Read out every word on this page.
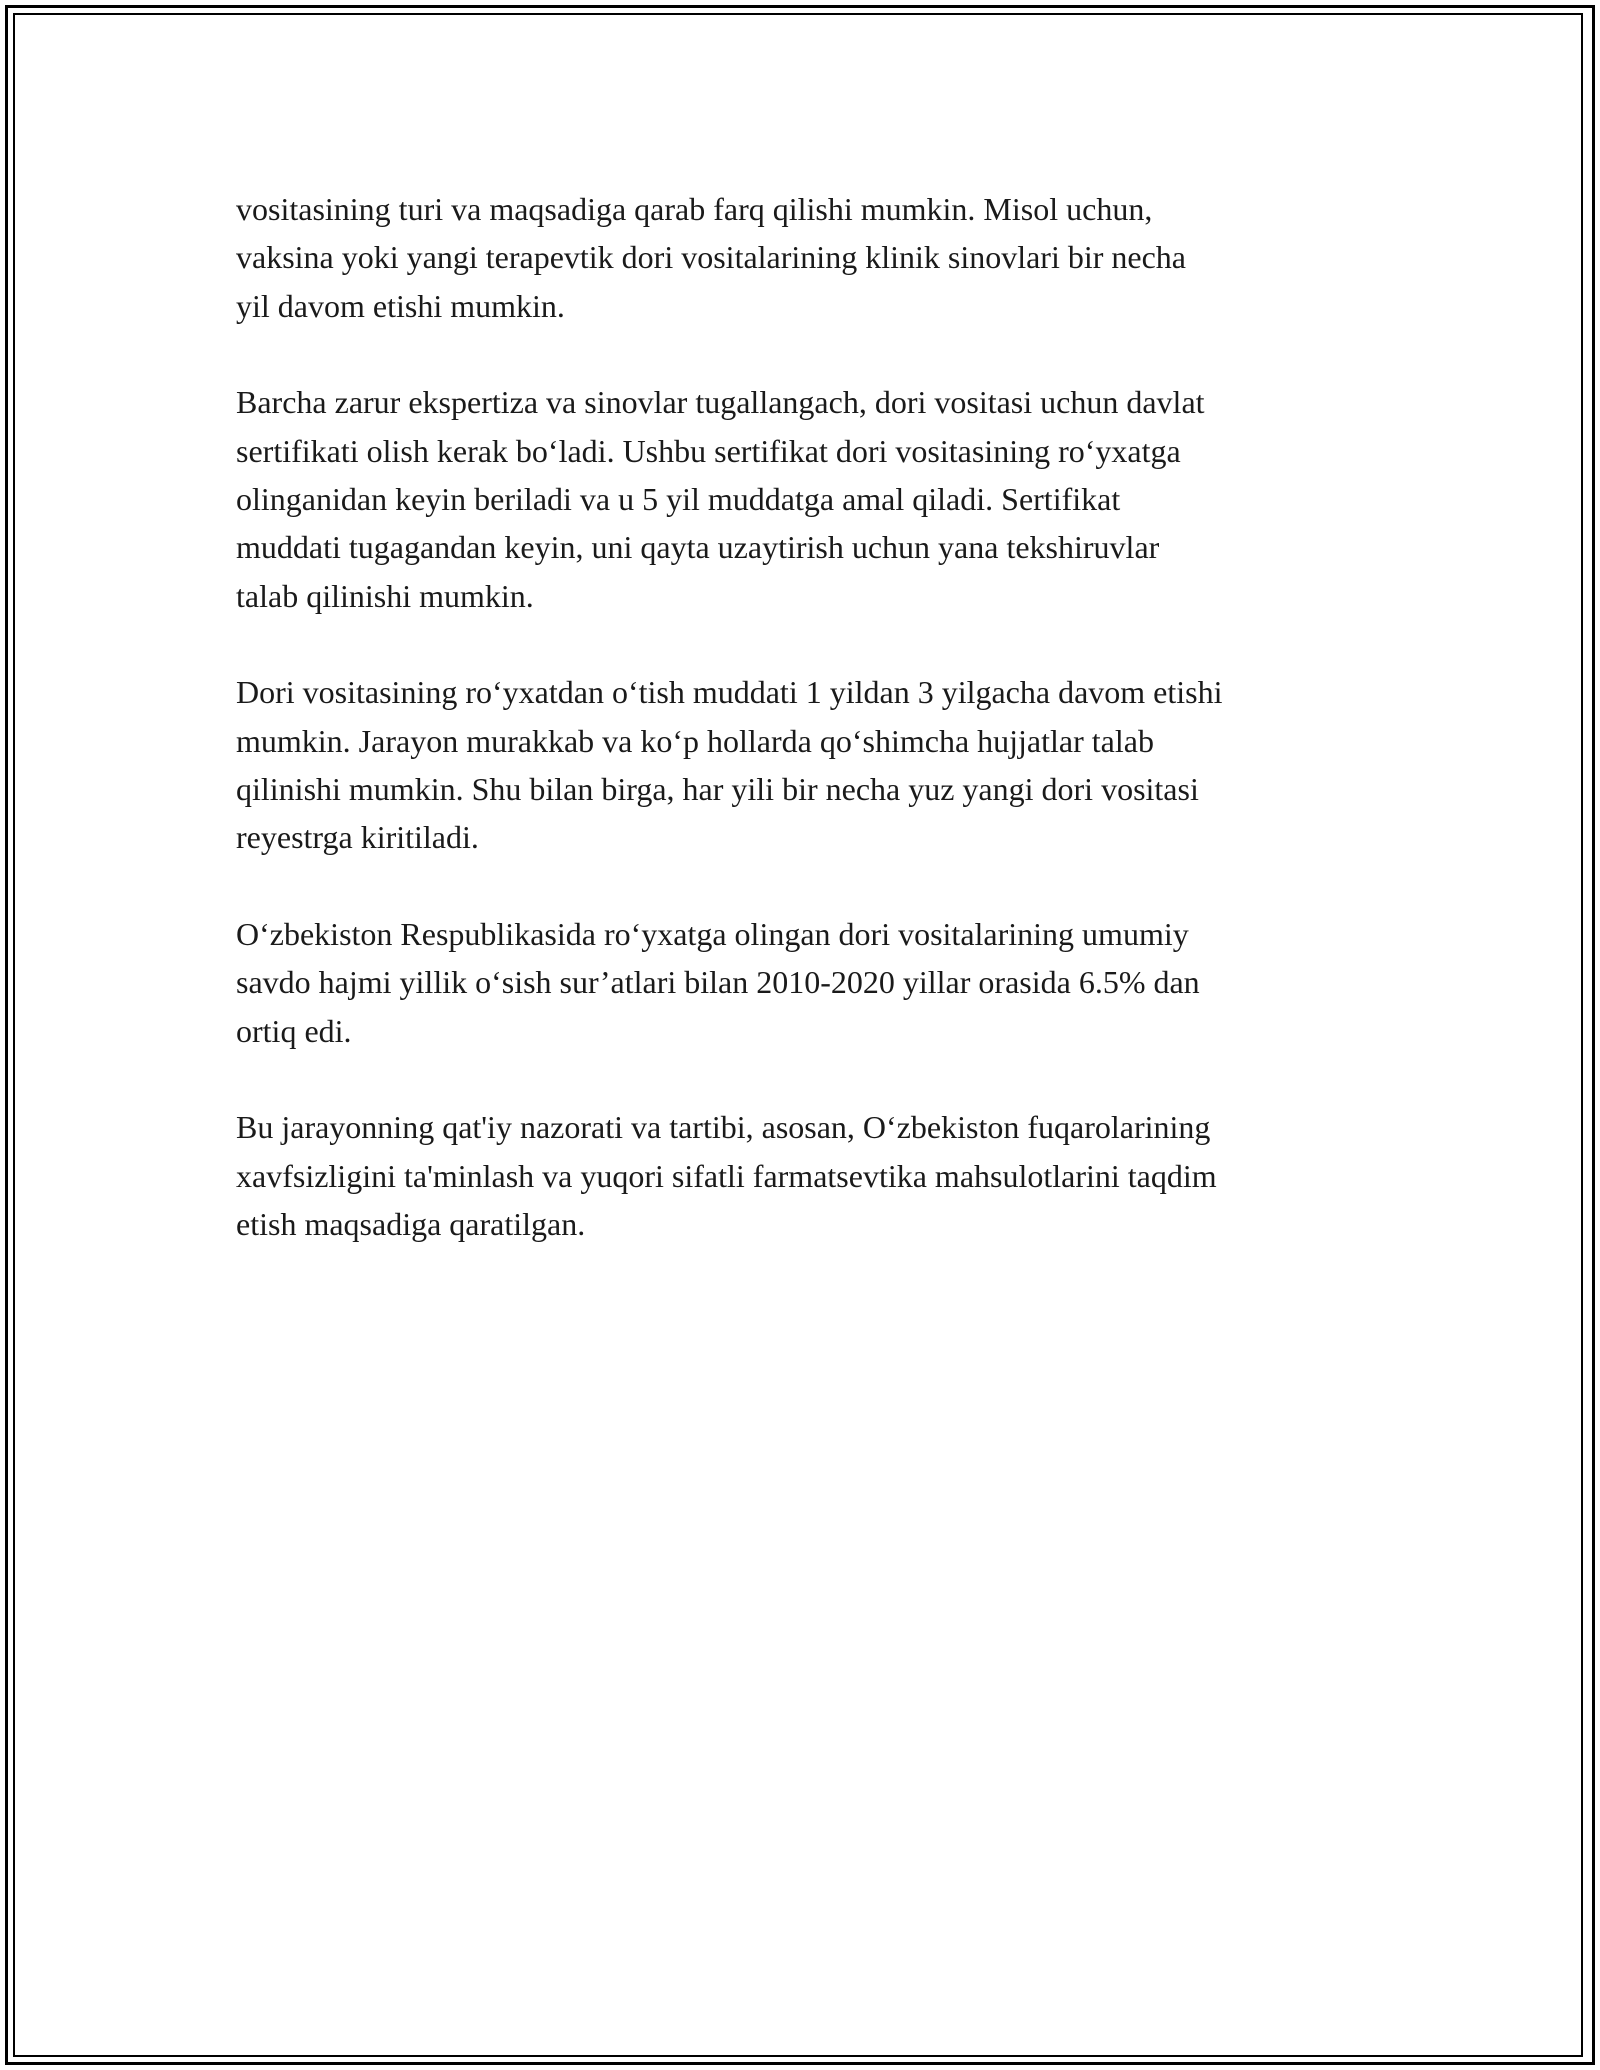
vositasining turi va maqsadiga qarab farq qilishi mumkin. Misol uchun,
vaksina yoki yangi terapevtik dori vositalarining klinik sinovlari bir necha
yil davom etishi mumkin.

Barcha zarur ekspertiza va sinovlar tugallangach, dori vositasi uchun davlat
sertifikati olish kerak bo‘ladi. Ushbu sertifikat dori vositasining ro‘yxatga
olinganidan keyin beriladi va u 5 yil muddatga amal qiladi. Sertifikat
muddati tugagandan keyin, uni qayta uzaytirish uchun yana tekshiruvlar
talab qilinishi mumkin.

Dori vositasining ro‘yxatdan o‘tish muddati 1 yildan 3 yilgacha davom etishi
mumkin. Jarayon murakkab va ko‘p hollarda qo‘shimcha hujjatlar talab
qilinishi mumkin. Shu bilan birga, har yili bir necha yuz yangi dori vositasi
reyestrga kiritiladi.

O‘zbekiston Respublikasida ro‘yxatga olingan dori vositalarining umumiy
savdo hajmi yillik o‘sish sur’atlari bilan 2010-2020 yillar orasida 6.5% dan
ortiq edi.

Bu jarayonning qat'iy nazorati va tartibi, asosan, O‘zbekiston fuqarolarining
xavfsizligini ta'minlash va yuqori sifatli farmatsevtika mahsulotlarini taqdim
etish maqsadiga qaratilgan.
